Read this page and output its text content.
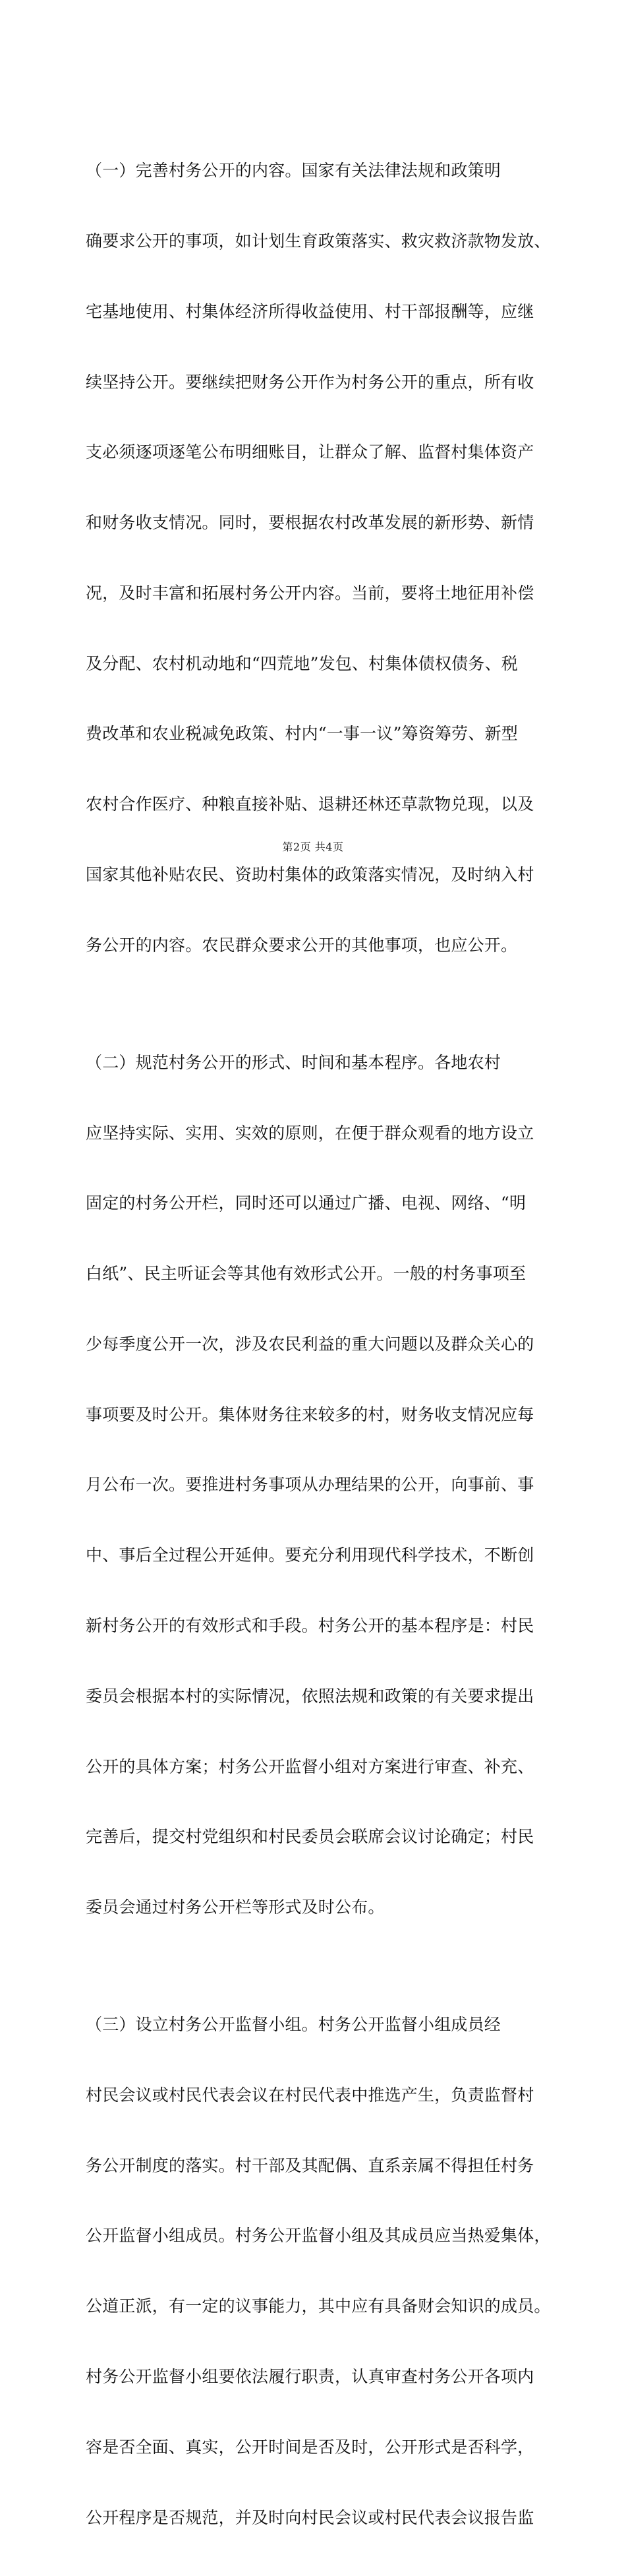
（一）完善村务公开的内容。国家有关法律法规和政策明

确要求公开的事项，如计划生育政策落实、救灾救济款物发放、

宅基地使用、村集体经济所得收益使用、村干部报酬等，应继

续坚持公开。要继续把财务公开作为村务公开的重点，所有收

支必须逐项逐笔公布明细账目，让群众了解、监督村集体资产

和财务收支情况。同时，要根据农村改革发展的新形势、新情

况，及时丰富和拓展村务公开内容。当前，要将土地征用补偿

及分配、农村机动地和“四荒地”发包、村集体债权债务、税

费改革和农业税减免政策、村内“一事一议”筹资筹劳、新型

农村合作医疗、种粮直接补贴、退耕还林还草款物兑现，以及

国家其他补贴农民、资助村集体的政策落实情况，及时纳入村

务公开的内容。农民群众要求公开的其他事项，也应公开。

（二）规范村务公开的形式、时间和基本程序。各地农村

应坚持实际、实用、实效的原则，在便于群众观看的地方设立

固定的村务公开栏，同时还可以通过广播、电视、网络、“明

白纸”、民主听证会等其他有效形式公开。一般的村务事项至

少每季度公开一次，涉及农民利益的重大问题以及群众关心的

事项要及时公开。集体财务往来较多的村，财务收支情况应每

月公布一次。要推进村务事项从办理结果的公开，向事前、事

中、事后全过程公开延伸。要充分利用现代科学技术，不断创

新村务公开的有效形式和手段。村务公开的基本程序是：村民

委员会根据本村的实际情况，依照法规和政策的有关要求提出

公开的具体方案；村务公开监督小组对方案进行审查、补充、

完善后，提交村党组织和村民委员会联席会议讨论确定；村民

委员会通过村务公开栏等形式及时公布。

（三）设立村务公开监督小组。村务公开监督小组成员经

村民会议或村民代表会议在村民代表中推选产生，负责监督村

务公开制度的落实。村干部及其配偶、直系亲属不得担任村务

公开监督小组成员。村务公开监督小组及其成员应当热爱集体，

公道正派，有一定的议事能力，其中应有具备财会知识的成员。

村务公开监督小组要依法履行职责，认真审查村务公开各项内

容是否全面、真实，公开时间是否及时，公开形式是否科学，

公开程序是否规范，并及时向村民会议或村民代表会议报告监

第2页 共4页
